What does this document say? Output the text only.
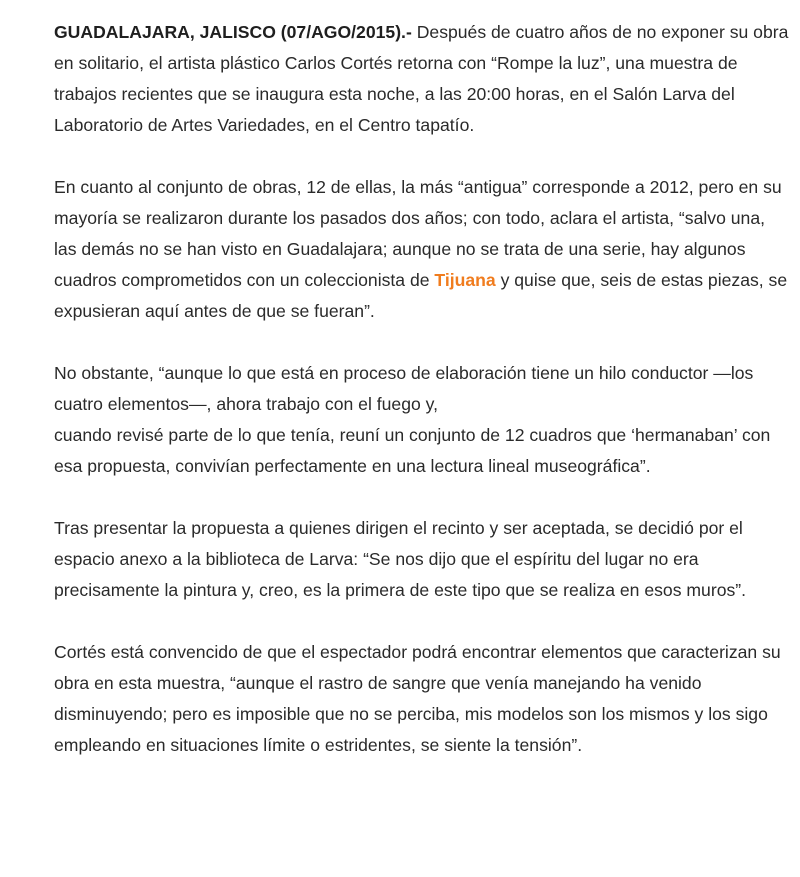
GUADALAJARA, JALISCO (07/AGO/2015).- Después de cuatro años de no exponer su obra en solitario, el artista plástico Carlos Cortés retorna con “Rompe la luz”, una muestra de trabajos recientes que se inaugura esta noche, a las 20:00 horas, en el Salón Larva del Laboratorio de Artes Variedades, en el Centro tapatío.

En cuanto al conjunto de obras, 12 de ellas, la más “antigua” corresponde a 2012, pero en su mayoría se realizaron durante los pasados dos años; con todo, aclara el artista, “salvo una, las demás no se han visto en Guadalajara; aunque no se trata de una serie, hay algunos cuadros comprometidos con un coleccionista de Tijuana y quise que, seis de estas piezas, se expusieran aquí antes de que se fueran”.

No obstante, “aunque lo que está en proceso de elaboración tiene un hilo conductor —los cuatro elementos—, ahora trabajo con el fuego y,
cuando revisé parte de lo que tenía, reuní un conjunto de 12 cuadros que ‘hermanaban’ con esa propuesta, convivían perfectamente en una lectura lineal museográfica”.

Tras presentar la propuesta a quienes dirigen el recinto y ser aceptada, se decidió por el espacio anexo a la biblioteca de Larva: “Se nos dijo que el espíritu del lugar no era precisamente la pintura y, creo, es la primera de este tipo que se realiza en esos muros”.

Cortés está convencido de que el espectador podrá encontrar elementos que caracterizan su obra en esta muestra, “aunque el rastro de sangre que venía manejando ha venido disminuyendo; pero es imposible que no se perciba, mis modelos son los mismos y los sigo empleando en situaciones límite o estridentes, se siente la tensión”.
